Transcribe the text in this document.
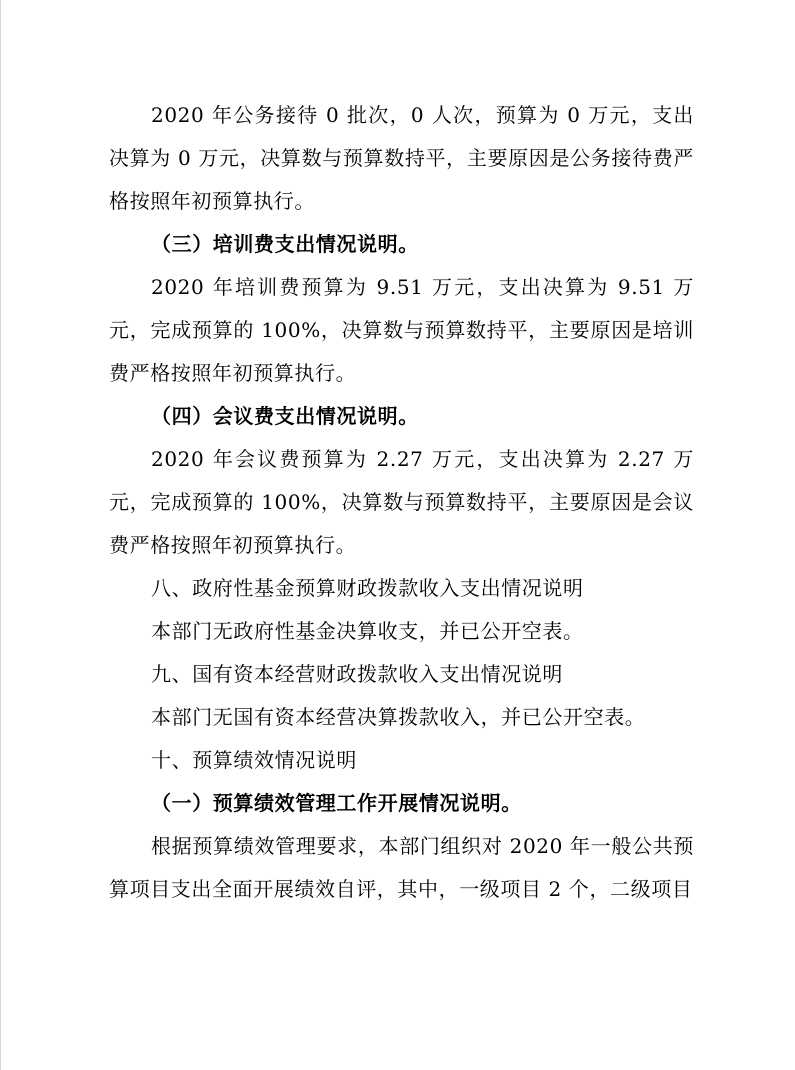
2020 年公务接待 0 批次，0 人次，预算为 0 万元，支出决算为 0 万元，决算数与预算数持平，主要原因是公务接待费严格按照年初预算执行。

（三）培训费支出情况说明。

2020 年培训费预算为 9.51 万元，支出决算为 9.51 万元，完成预算的 100%，决算数与预算数持平，主要原因是培训费严格按照年初预算执行。

（四）会议费支出情况说明。

2020 年会议费预算为 2.27 万元，支出决算为 2.27 万元，完成预算的 100%，决算数与预算数持平，主要原因是会议费严格按照年初预算执行。

八、政府性基金预算财政拨款收入支出情况说明

本部门无政府性基金决算收支，并已公开空表。

九、国有资本经营财政拨款收入支出情况说明

本部门无国有资本经营决算拨款收入，并已公开空表。

十、预算绩效情况说明

（一）预算绩效管理工作开展情况说明。

根据预算绩效管理要求，本部门组织对 2020 年一般公共预算项目支出全面开展绩效自评，其中，一级项目 2 个，二级项目
